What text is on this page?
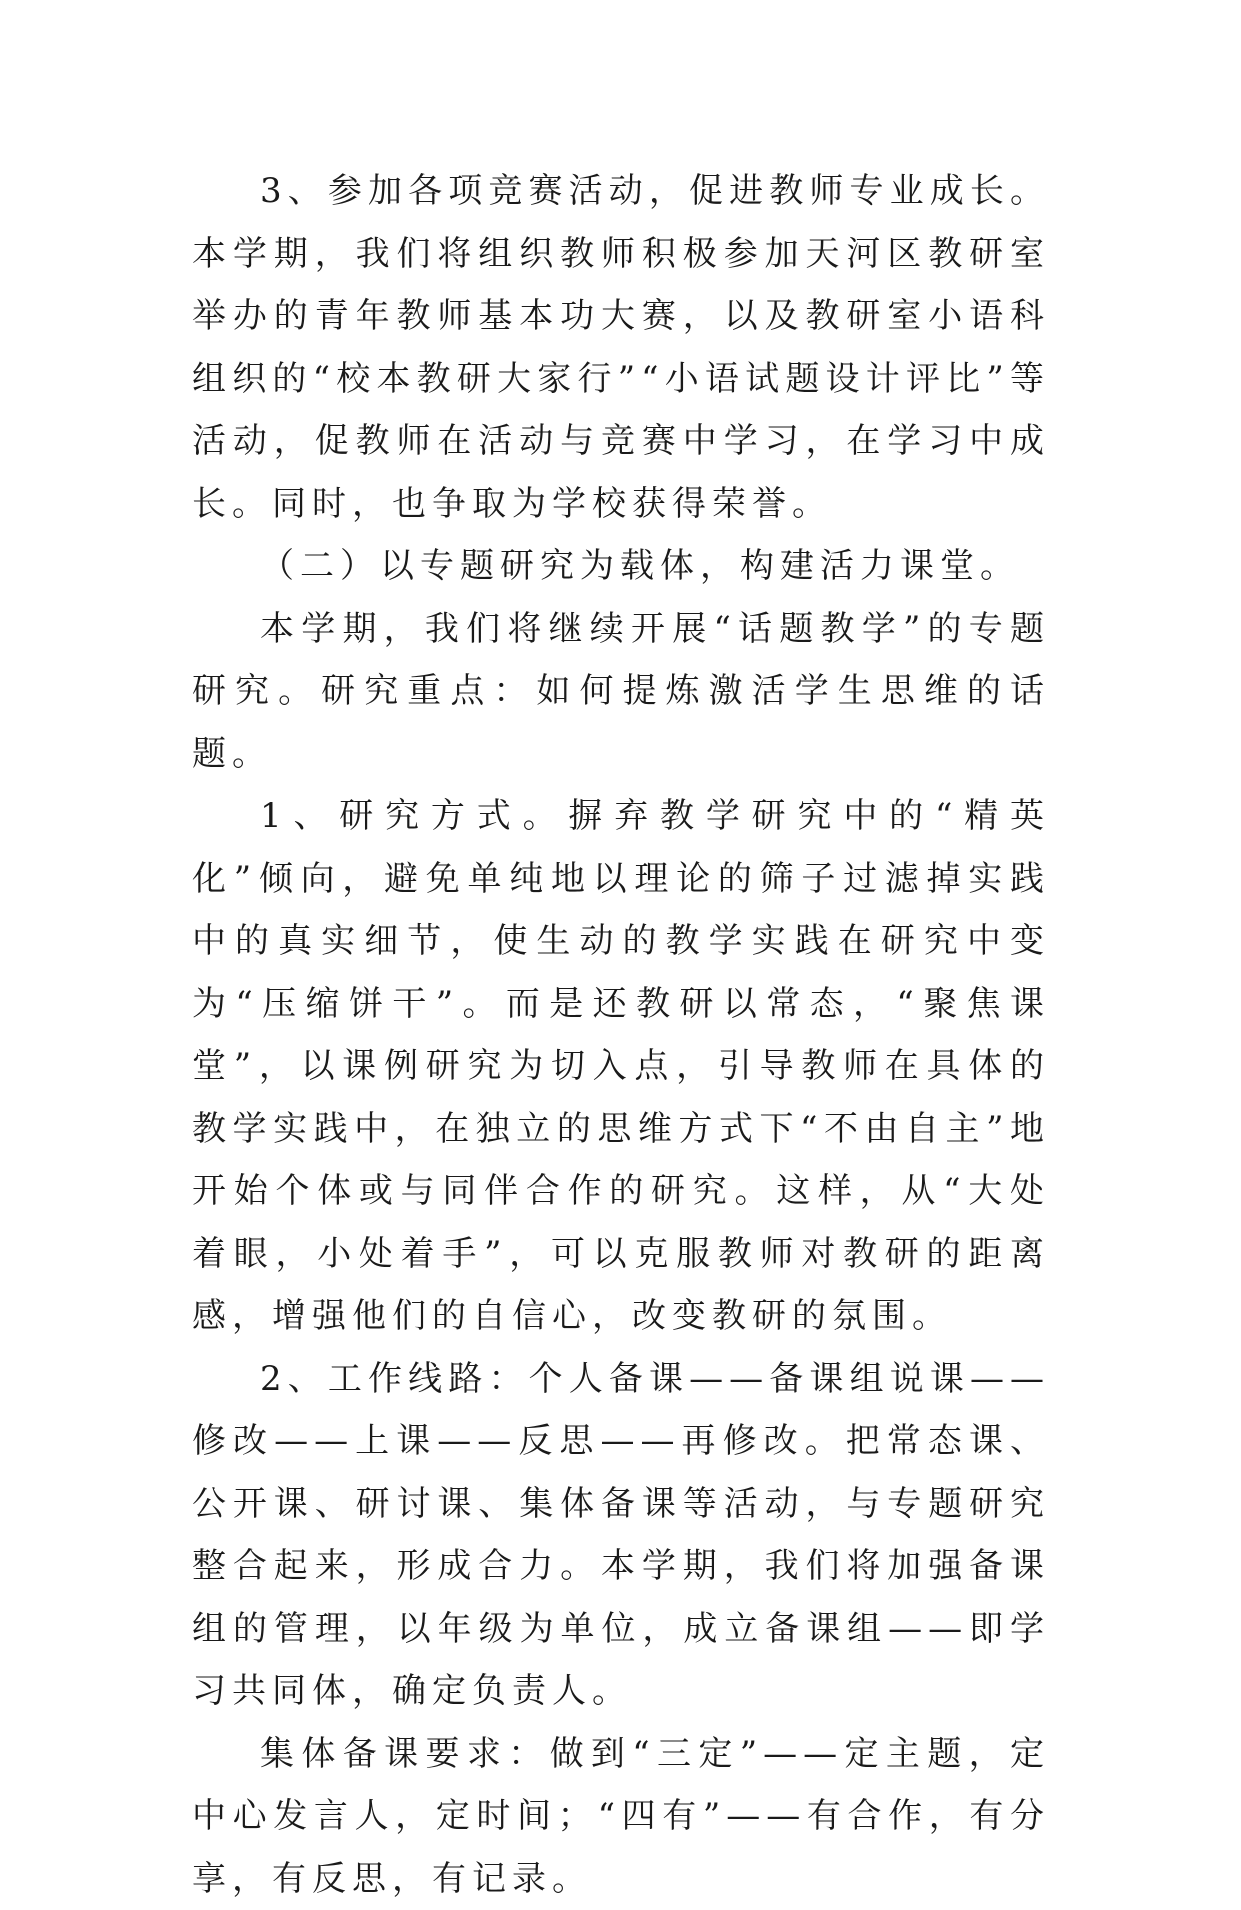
3、参加各项竞赛活动，促进教师专业成长。本学期，我们将组织教师积极参加天河区教研室举办的青年教师基本功大赛，以及教研室小语科组织的“校本教研大家行”“小语试题设计评比”等活动，促教师在活动与竞赛中学习，在学习中成长。同时，也争取为学校获得荣誉。

（二）以专题研究为载体，构建活力课堂。

本学期，我们将继续开展“话题教学”的专题研究。研究重点：如何提炼激活学生思维的话题。

1、研究方式。摒弃教学研究中的“精英化”倾向，避免单纯地以理论的筛子过滤掉实践中的真实细节，使生动的教学实践在研究中变为“压缩饼干”。而是还教研以常态，“聚焦课堂”，以课例研究为切入点，引导教师在具体的教学实践中，在独立的思维方式下“不由自主”地开始个体或与同伴合作的研究。这样，从“大处着眼，小处着手”，可以克服教师对教研的距离感，增强他们的自信心，改变教研的氛围。

2、工作线路：个人备课——备课组说课——修改——上课——反思——再修改。把常态课、公开课、研讨课、集体备课等活动，与专题研究整合起来，形成合力。本学期，我们将加强备课组的管理，以年级为单位，成立备课组——即学习共同体，确定负责人。

集体备课要求：做到“三定”——定主题，定中心发言人，定时间；“四有”——有合作，有分享，有反思，有记录。
